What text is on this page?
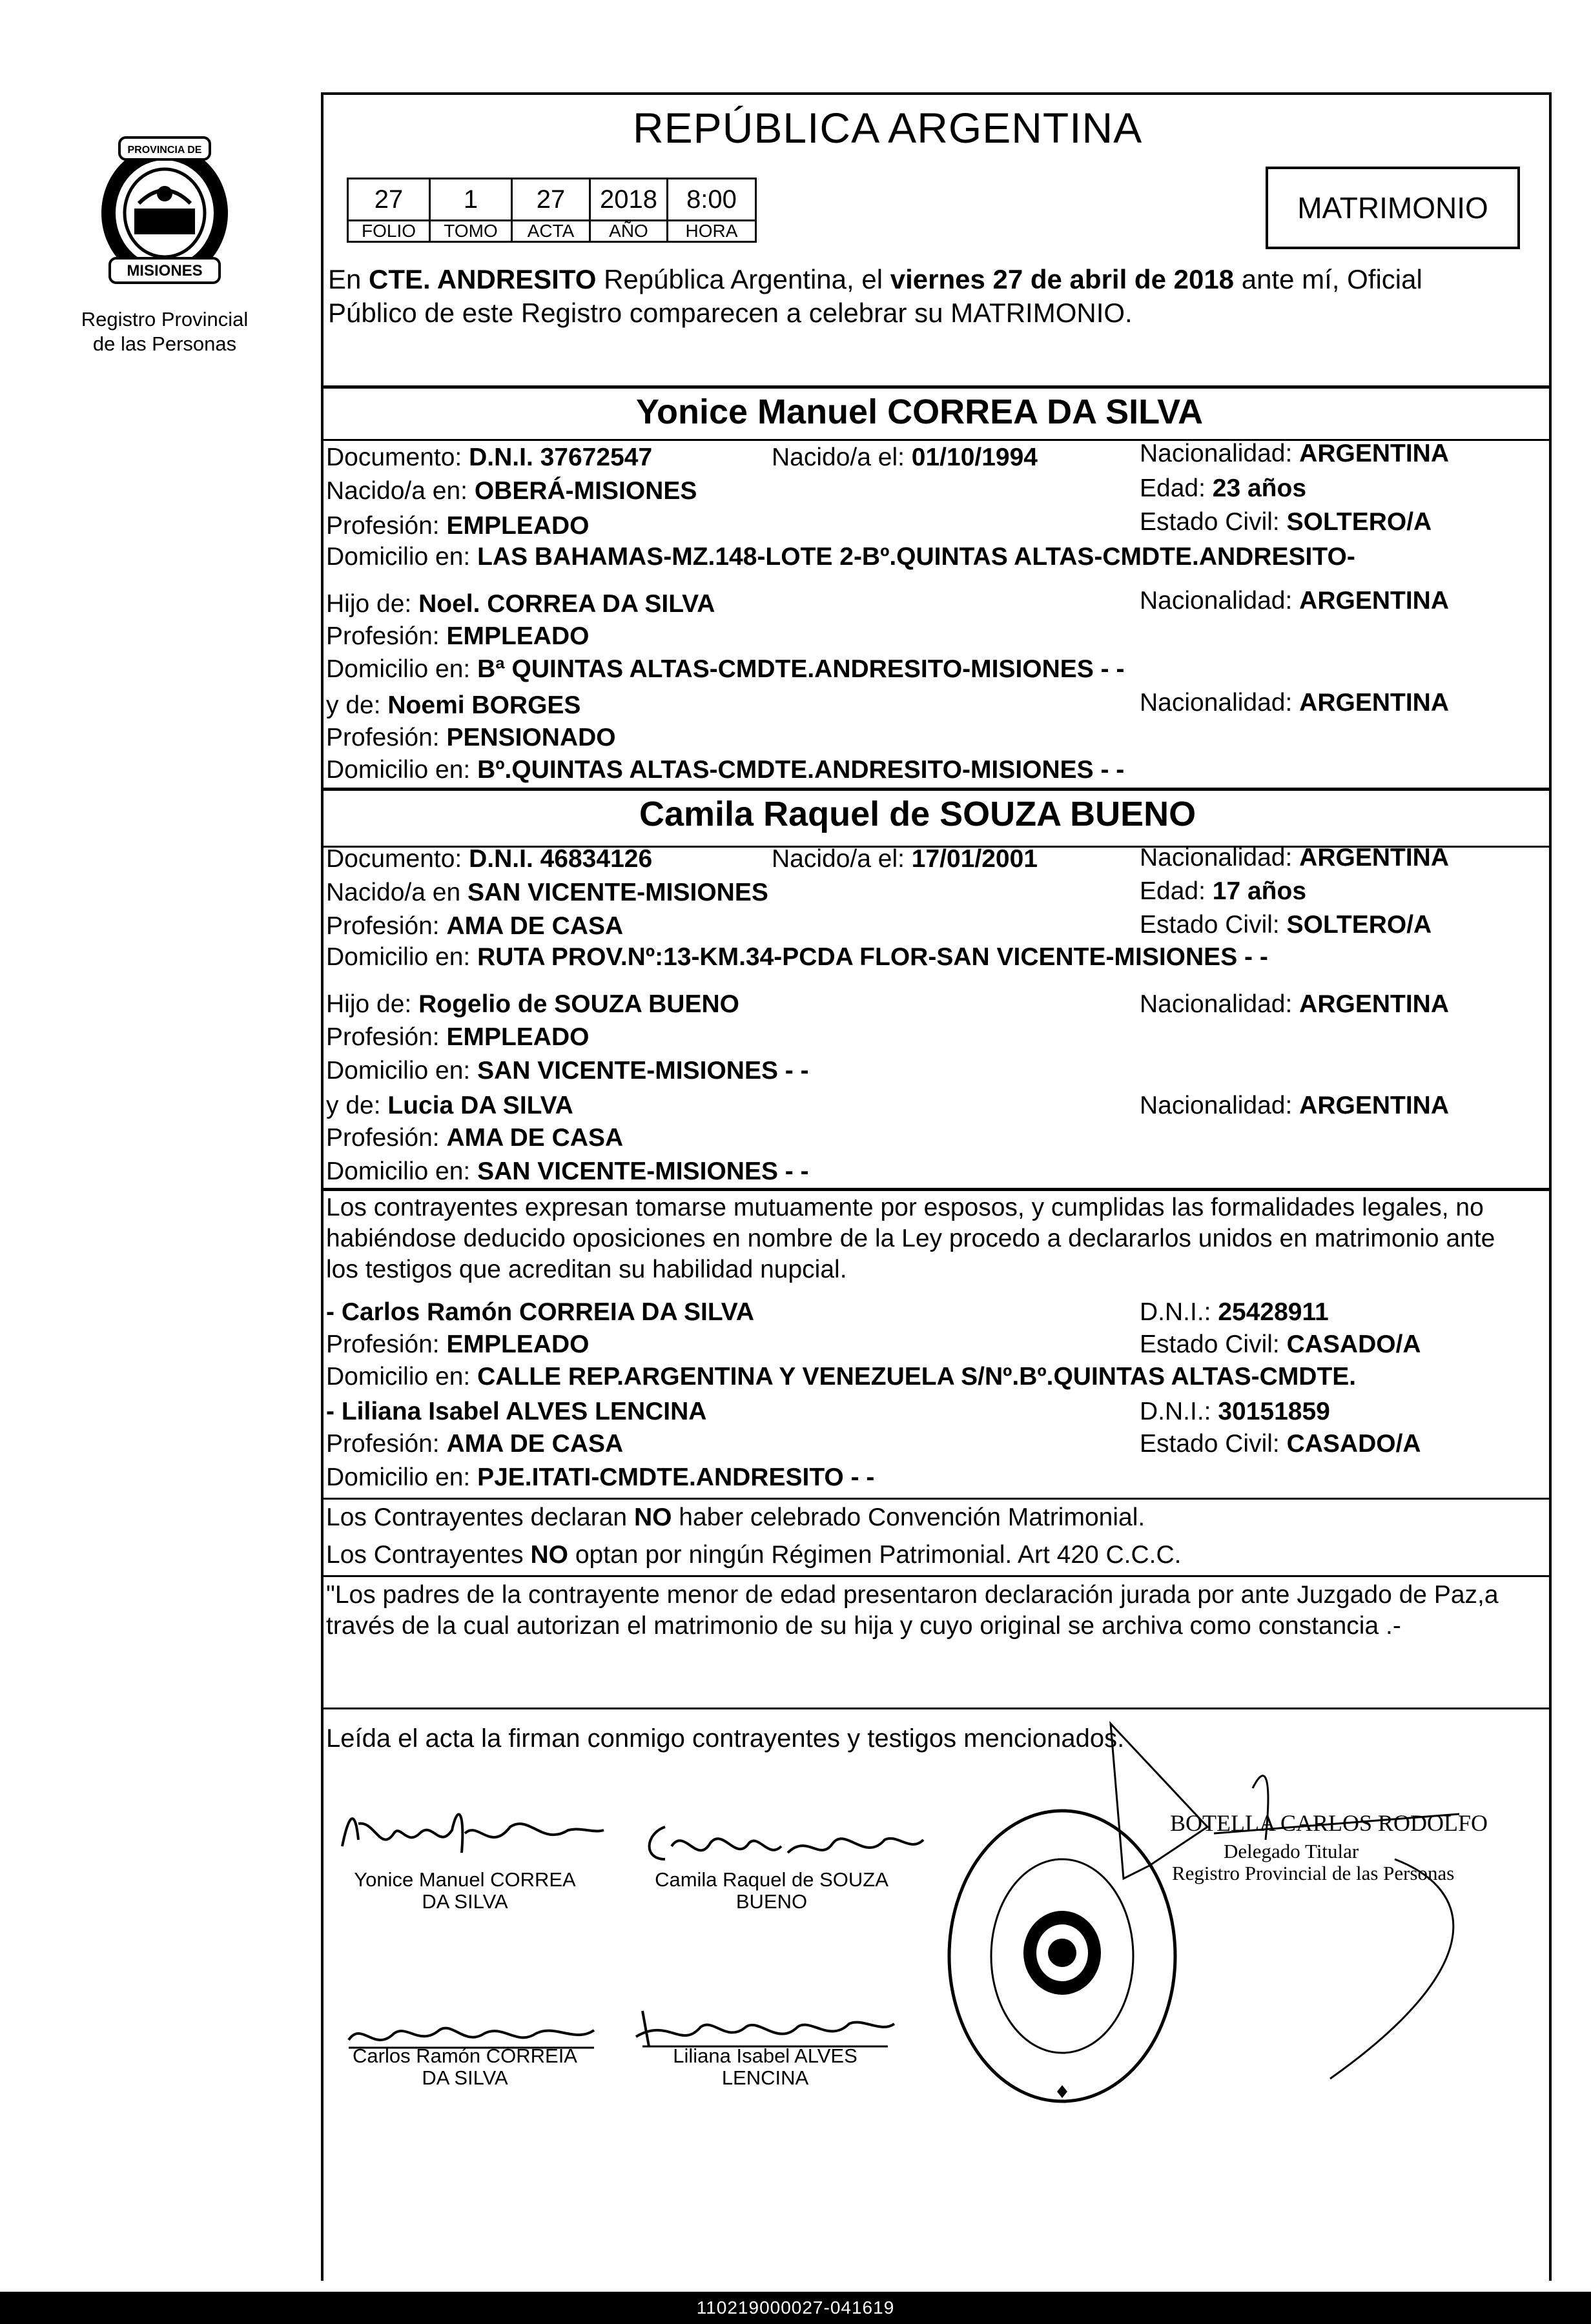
MISIONES
PROVINCIA DE
Registro Provincial
de las Personas
REPÚBLICA ARGENTINA
27	1	27	2018	8:00
FOLIO	TOMO	ACTA	AÑO	HORA
MATRIMONIO
En CTE. ANDRESITO República Argentina, el viernes 27 de abril de 2018 ante mí, Oficial
Público de este Registro comparecen a celebrar su MATRIMONIO.
Yonice Manuel CORREA DA SILVA
Documento: D.N.I. 37672547	Nacido/a el: 01/10/1994	Nacionalidad: ARGENTINA
Nacido/a en: OBERÁ-MISIONES	Edad: 23 años
Profesión: EMPLEADO	Estado Civil: SOLTERO/A
Domicilio en: LAS BAHAMAS-MZ.148-LOTE 2-Bº.QUINTAS ALTAS-CMDTE.ANDRESITO-
Hijo de: Noel. CORREA DA SILVA	Nacionalidad: ARGENTINA
Profesión: EMPLEADO
Domicilio en: Bª QUINTAS ALTAS-CMDTE.ANDRESITO-MISIONES - -
y de: Noemi BORGES	Nacionalidad: ARGENTINA
Profesión: PENSIONADO
Domicilio en: Bº.QUINTAS ALTAS-CMDTE.ANDRESITO-MISIONES - -
Camila Raquel de SOUZA BUENO
Documento: D.N.I. 46834126	Nacido/a el: 17/01/2001	Nacionalidad: ARGENTINA
Nacido/a en SAN VICENTE-MISIONES	Edad: 17 años
Profesión: AMA DE CASA	Estado Civil: SOLTERO/A
Domicilio en: RUTA PROV.Nº:13-KM.34-PCDA FLOR-SAN VICENTE-MISIONES - -
Hijo de: Rogelio de SOUZA BUENO	Nacionalidad: ARGENTINA
Profesión: EMPLEADO
Domicilio en: SAN VICENTE-MISIONES - -
y de: Lucia DA SILVA	Nacionalidad: ARGENTINA
Profesión: AMA DE CASA
Domicilio en: SAN VICENTE-MISIONES - -
Los contrayentes expresan tomarse mutuamente por esposos, y cumplidas las formalidades legales, no
habiéndose deducido oposiciones en nombre de la Ley procedo a declararlos unidos en matrimonio ante
los testigos que acreditan su habilidad nupcial.
- Carlos Ramón CORREIA DA SILVA	D.N.I.: 25428911
Profesión: EMPLEADO	Estado Civil: CASADO/A
Domicilio en: CALLE REP.ARGENTINA Y VENEZUELA S/Nº.Bº.QUINTAS ALTAS-CMDTE.
- Liliana Isabel ALVES LENCINA	D.N.I.: 30151859
Profesión: AMA DE CASA	Estado Civil: CASADO/A
Domicilio en: PJE.ITATI-CMDTE.ANDRESITO - -
Los Contrayentes declaran NO haber celebrado Convención Matrimonial.
Los Contrayentes NO optan por ningún Régimen Patrimonial. Art 420 C.C.C.
"Los padres de la contrayente menor de edad presentaron declaración jurada por ante Juzgado de Paz,a
través de la cual autorizan el matrimonio de su hija y cuyo original se archiva como constancia .-
Leída el acta la firman conmigo contrayentes y testigos mencionados.
Yonice Manuel CORREA
DA SILVA
Camila Raquel de SOUZA
BUENO
Carlos Ramón CORREIA
DA SILVA
Liliana Isabel ALVES
LENCINA
BOTELLA CARLOS RODOLFO
Delegado Titular
Registro Provincial de las Personas
110219000027-041619
